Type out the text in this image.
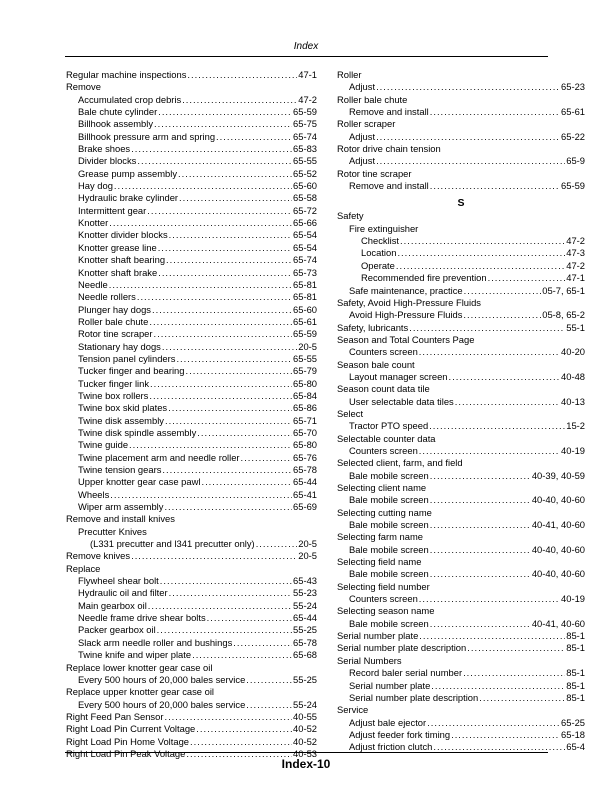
Index
Regular machine inspections .....	47-1
Remove
Accumulated crop debris .....	47-2
Bale chute cylinder .....	65-59
Billhook assembly .....	65-75
Billhook pressure arm and spring .....	65-74
Brake shoes .....	65-83
Divider blocks .....	65-55
Grease pump assembly .....	65-52
Hay dog .....	65-60
Hydraulic brake cylinder .....	65-58
Intermittent gear .....	65-72
Knotter .....	65-66
Knotter divider blocks .....	65-54
Knotter grease line .....	65-54
Knotter shaft bearing .....	65-74
Knotter shaft brake .....	65-73
Needle .....	65-81
Needle rollers .....	65-81
Plunger hay dogs .....	65-60
Roller bale chute .....	65-61
Rotor tine scraper .....	65-59
Stationary hay dogs .....	20-5
Tension panel cylinders .....	65-55
Tucker finger and bearing .....	65-79
Tucker finger link .....	65-80
Twine box rollers .....	65-84
Twine box skid plates .....	65-86
Twine disk assembly .....	65-71
Twine disk spindle assembly .....	65-70
Twine guide .....	65-80
Twine placement arm and needle roller .....	65-76
Twine tension gears .....	65-78
Upper knotter gear case pawl .....	65-44
Wheels .....	65-41
Wiper arm assembly .....	65-69
Remove and install knives
Precutter Knives
(L331 precutter and l341 precutter only) .....	20-5
Remove knives .....	20-5
Replace
Flywheel shear bolt .....	65-43
Hydraulic oil and filter .....	55-23
Main gearbox oil .....	55-24
Needle frame drive shear bolts .....	65-44
Packer gearbox oil .....	55-25
Slack arm needle roller and bushings .....	65-78
Twine knife and wiper plate .....	65-68
Replace lower knotter gear case oil
Every 500 hours of 20,000 bales service .....	55-25
Replace upper knotter gear case oil
Every 500 hours of 20,000 bales service .....	55-24
Right Feed Pan Sensor .....	40-55
Right Load Pin Current Voltage .....	40-52
Right Load Pin Home Voltage .....	40-52
Right Load Pin Peak Voltage .....	40-53
Roller
Adjust .....	65-23
Roller bale chute
Remove and install .....	65-61
Roller scraper
Adjust .....	65-22
Rotor drive chain tension
Adjust .....	65-9
Rotor tine scraper
Remove and install .....	65-59
S
Safety
Fire extinguisher
Checklist .....	47-2
Location .....	47-3
Operate .....	47-2
Recommended fire prevention .....	47-1
Safe maintenance, practice .....	05-7, 65-1
Safety, Avoid High-Pressure Fluids
Avoid High-Pressure Fluids .....	05-8, 65-2
Safety, lubricants .....	55-1
Season and Total Counters Page
Counters screen .....	40-20
Season bale count
Layout manager screen .....	40-48
Season count data tile
User selectable data tiles .....	40-13
Select
Tractor PTO speed .....	15-2
Selectable counter data
Counters screen .....	40-19
Selected client, farm, and field
Bale mobile screen .....	40-39, 40-59
Selecting client name
Bale mobile screen .....	40-40, 40-60
Selecting cutting name
Bale mobile screen .....	40-41, 40-60
Selecting farm name
Bale mobile screen .....	40-40, 40-60
Selecting field name
Bale mobile screen .....	40-40, 40-60
Selecting field number
Counters screen .....	40-19
Selecting season name
Bale mobile screen .....	40-41, 40-60
Serial number plate .....	85-1
Serial number plate description .....	85-1
Serial Numbers
Record baler serial number .....	85-1
Serial number plate .....	85-1
Serial number plate description .....	85-1
Service
Adjust bale ejector .....	65-25
Adjust feeder fork timing .....	65-18
Adjust friction clutch .....	65-4
Index-10
